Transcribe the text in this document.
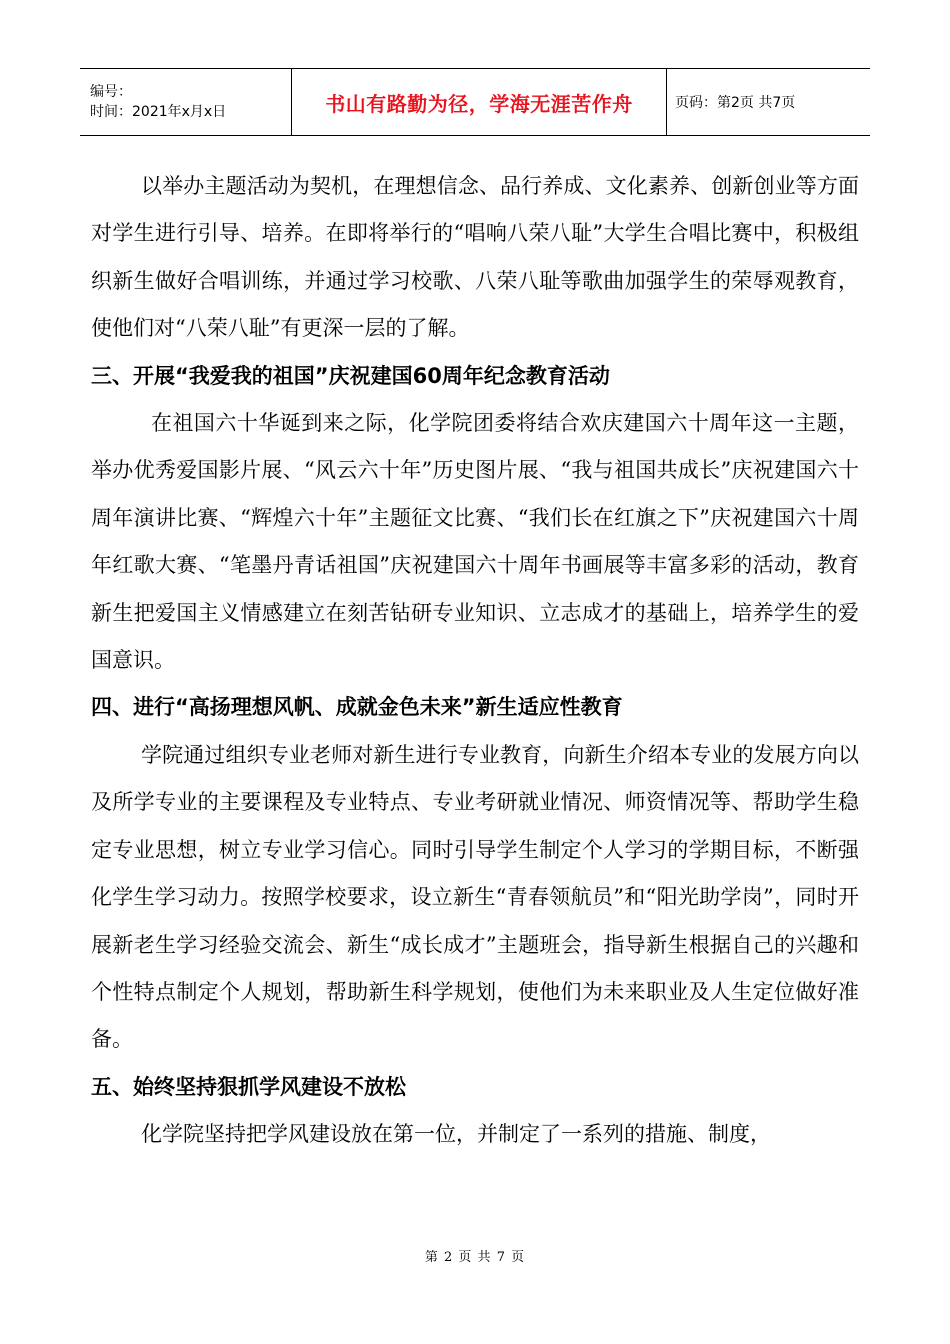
编号：
时间：2021年x月x日	书山有路勤为径，学海无涯苦作舟	页码：第2页 共7页

以举办主题活动为契机，在理想信念、品行养成、文化素养、创新创业等方面对学生进行引导、培养。在即将举行的“唱响八荣八耻”大学生合唱比赛中，积极组织新生做好合唱训练，并通过学习校歌、八荣八耻等歌曲加强学生的荣辱观教育，使他们对“八荣八耻”有更深一层的了解。

三、开展“我爱我的祖国”庆祝建国60周年纪念教育活动

在祖国六十华诞到来之际，化学院团委将结合欢庆建国六十周年这一主题，举办优秀爱国影片展、“风云六十年”历史图片展、“我与祖国共成长”庆祝建国六十周年演讲比赛、“辉煌六十年”主题征文比赛、“我们长在红旗之下”庆祝建国六十周年红歌大赛、“笔墨丹青话祖国”庆祝建国六十周年书画展等丰富多彩的活动，教育新生把爱国主义情感建立在刻苦钻研专业知识、立志成才的基础上，培养学生的爱国意识。

四、进行“高扬理想风帆、成就金色未来”新生适应性教育

学院通过组织专业老师对新生进行专业教育，向新生介绍本专业的发展方向以及所学专业的主要课程及专业特点、专业考研就业情况、师资情况等、帮助学生稳定专业思想，树立专业学习信心。同时引导学生制定个人学习的学期目标，不断强化学生学习动力。按照学校要求，设立新生“青春领航员”和“阳光助学岗”，同时开展新老生学习经验交流会、新生“成长成才”主题班会，指导新生根据自己的兴趣和个性特点制定个人规划，帮助新生科学规划，使他们为未来职业及人生定位做好准备。

五、始终坚持狠抓学风建设不放松

化学院坚持把学风建设放在第一位，并制定了一系列的措施、制度，

第 2 页 共 7 页
